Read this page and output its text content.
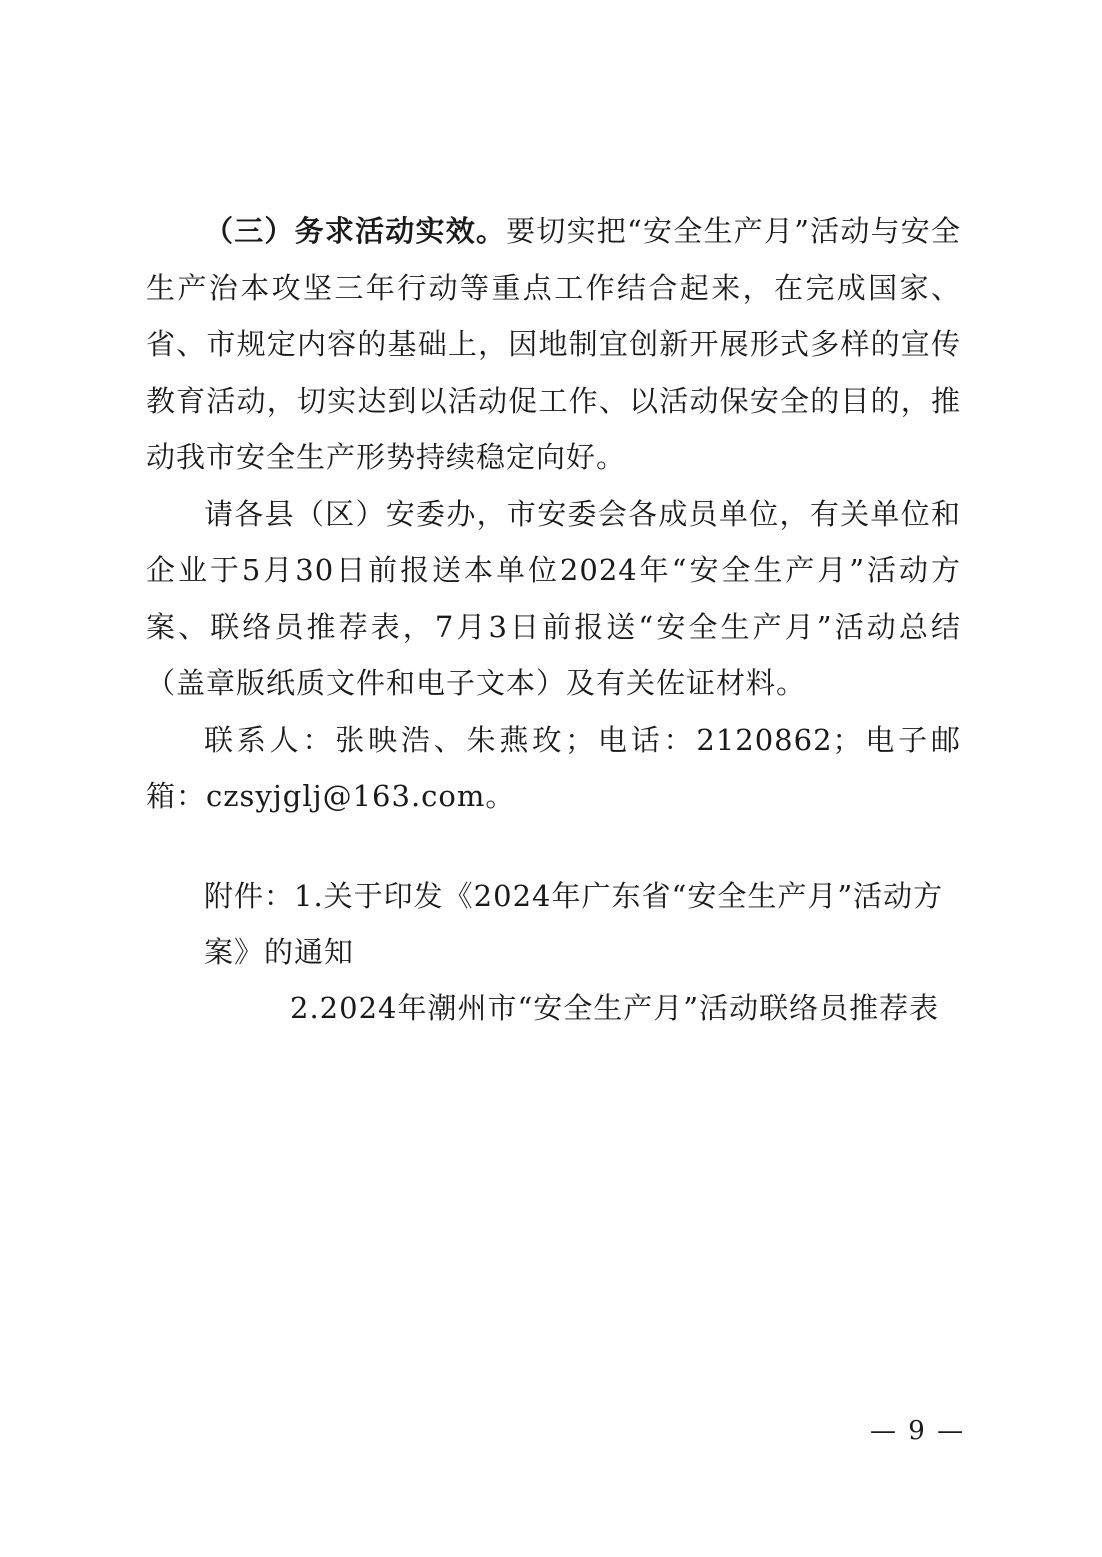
（三）务求活动实效。要切实把“安全生产月”活动与安全生产治本攻坚三年行动等重点工作结合起来，在完成国家、省、市规定内容的基础上，因地制宜创新开展形式多样的宣传教育活动，切实达到以活动促工作、以活动保安全的目的，推动我市安全生产形势持续稳定向好。

请各县（区）安委办，市安委会各成员单位，有关单位和企业于5月30日前报送本单位2024年“安全生产月”活动方案、联络员推荐表，7月3日前报送“安全生产月”活动总结（盖章版纸质文件和电子文本）及有关佐证材料。

联系人：张映浩、朱燕玫；电话：2120862；电子邮箱：czsyjglj@163.com。

附件：1.关于印发《2024年广东省“安全生产月”活动方

案》的通知

2.2024年潮州市“安全生产月”活动联络员推荐表

— 9 —
